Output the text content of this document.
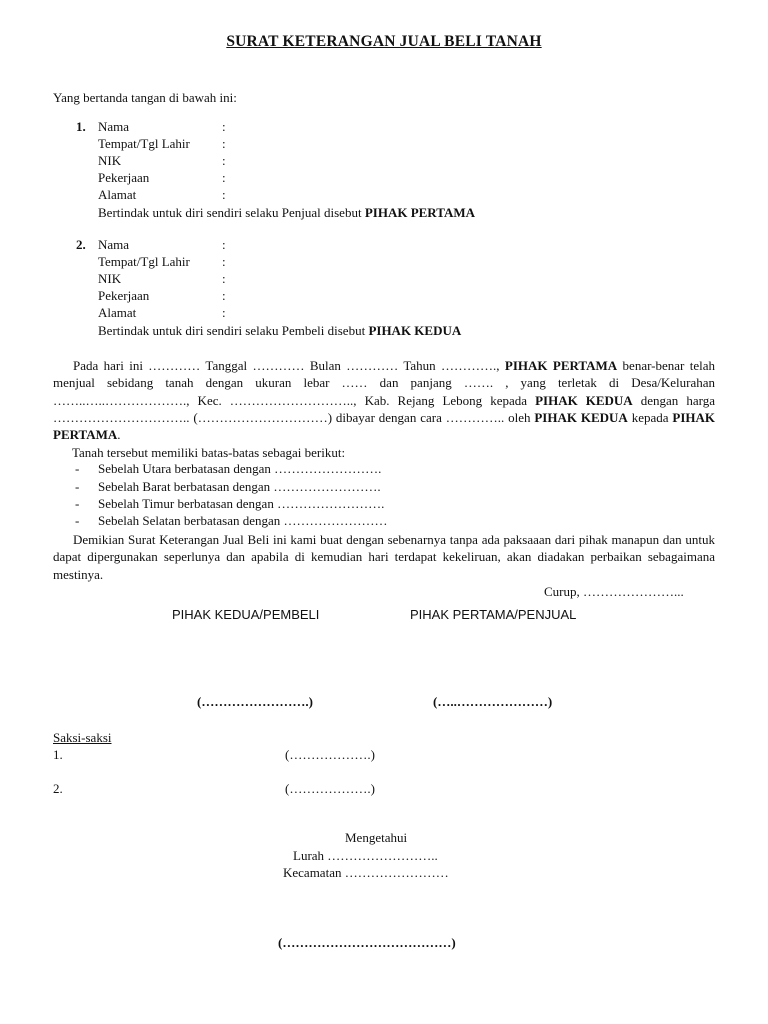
SURAT KETERANGAN JUAL BELI TANAH
Yang bertanda tangan di bawah ini:
1. Nama	:
Tempat/Tgl Lahir :
NIK	:
Pekerjaan	:
Alamat	:
Bertindak untuk diri sendiri selaku Penjual disebut PIHAK PERTAMA
2. Nama	:
Tempat/Tgl Lahir :
NIK	:
Pekerjaan	:
Alamat	:
Bertindak untuk diri sendiri selaku Pembeli disebut PIHAK KEDUA
Pada hari ini ………… Tanggal ………… Bulan ………… Tahun …………., PIHAK PERTAMA benar-benar telah menjual sebidang tanah dengan ukuran lebar …… dan panjang ……. , yang terletak di Desa/Kelurahan ……..…..………………., Kec. ……………………….., Kab. Rejang Lebong kepada PIHAK KEDUA dengan harga ………………………….. (…………………………) dibayar dengan cara ………….. oleh PIHAK KEDUA kepada PIHAK PERTAMA.
Tanah tersebut memiliki batas-batas sebagai berikut:
- Sebelah Utara berbatasan dengan …………………….
- Sebelah Barat berbatasan dengan …………………….
- Sebelah Timur berbatasan dengan …………………….
- Sebelah Selatan berbatasan dengan ……………………
Demikian Surat Keterangan Jual Beli ini kami buat dengan sebenarnya tanpa ada paksaaan dari pihak manapun dan untuk dapat dipergunakan seperlunya dan apabila di kemudian hari terdapat kekeliruan, akan diadakan perbaikan sebagaimana mestinya.
Curup, …………………...
PIHAK KEDUA/PEMBELI	PIHAK PERTAMA/PENJUAL
(…………………….)	(…..…………………)
Saksi-saksi
1.	(……………….)
2.	(……………….)
Mengetahui
Lurah ……………………..
Kecamatan ……………………
(…………………………………)
